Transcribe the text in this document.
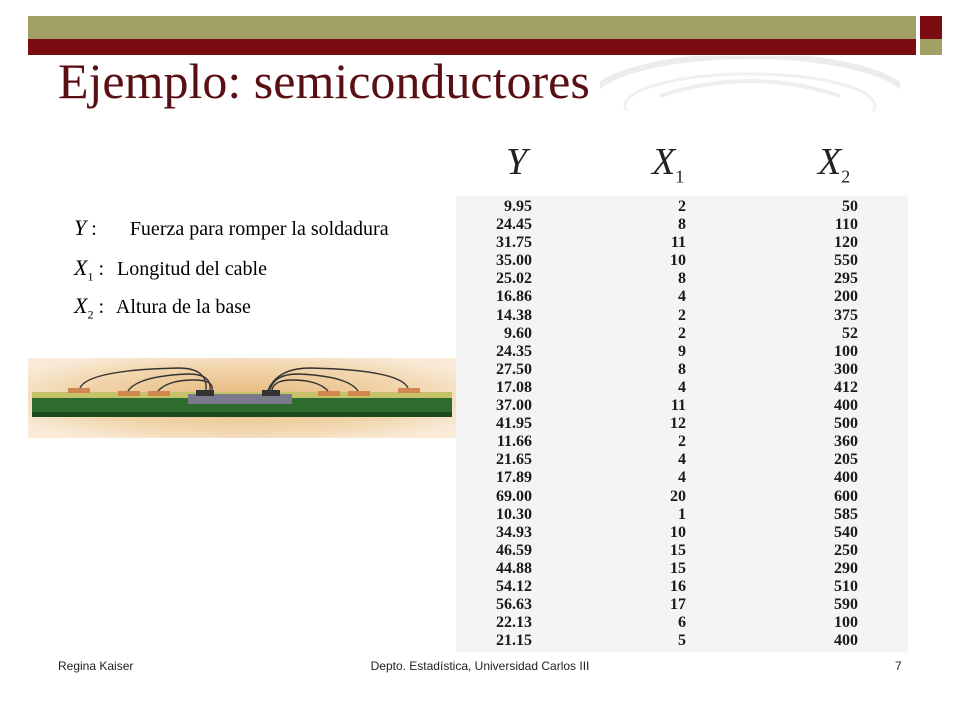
Ejemplo: semiconductores
Y : Fuerza para romper la soldadura
$X_1$ : Longitud del cable
$X_2$ : Altura de la base
Y	$X_1$	$X_2$
9.95	2	50
24.45	8	110
31.75	11	120
35.00	10	550
25.02	8	295
16.86	4	200
14.38	2	375
9.60	2	52
24.35	9	100
27.50	8	300
17.08	4	412
37.00	11	400
41.95	12	500
11.66	2	360
21.65	4	205
17.89	4	400
69.00	20	600
10.30	1	585
34.93	10	540
46.59	15	250
44.88	15	290
54.12	16	510
56.63	17	590
22.13	6	100
21.15	5	400
Regina Kaiser	Depto. Estadística, Universidad Carlos III	7
